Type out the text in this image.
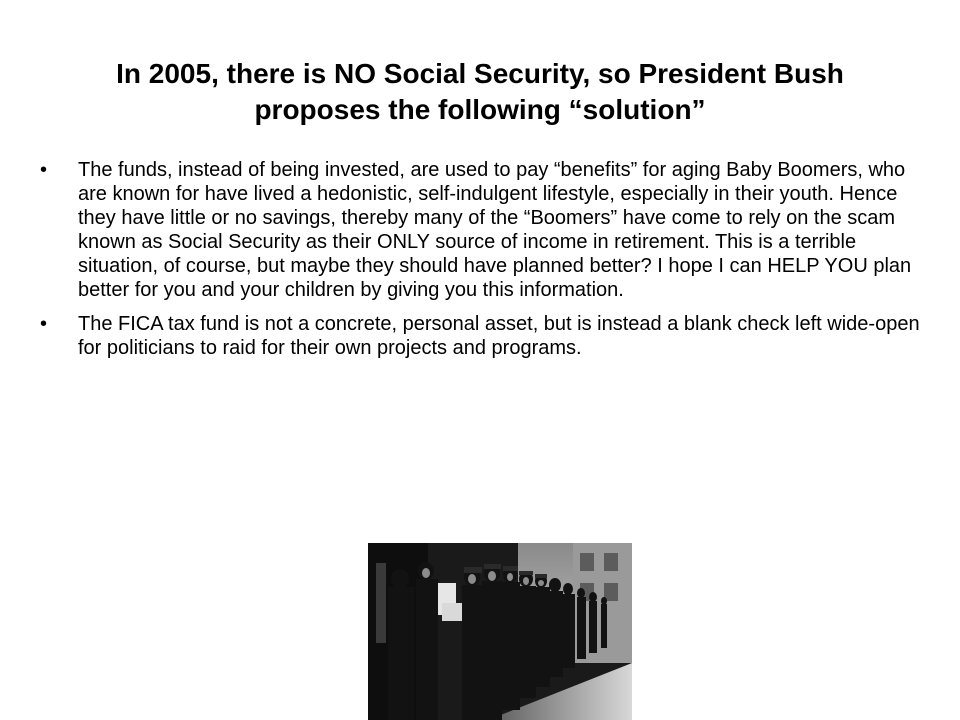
In 2005, there is NO Social Security, so President Bush
proposes the following “solution”
• The funds, instead of being invested, are used to pay “benefits” for aging Baby Boomers, who are known for have lived a hedonistic, self-indulgent lifestyle, especially in their youth. Hence they have little or no savings, thereby many of the “Boomers” have come to rely on the scam known as Social Security as their ONLY source of income in retirement. This is a terrible situation, of course, but maybe they should have planned better? I hope I can HELP YOU plan better for you and your children by giving you this information.
• The FICA tax fund is not a concrete, personal asset, but is instead a blank check left wide-open for politicians to raid for their own projects and programs.
